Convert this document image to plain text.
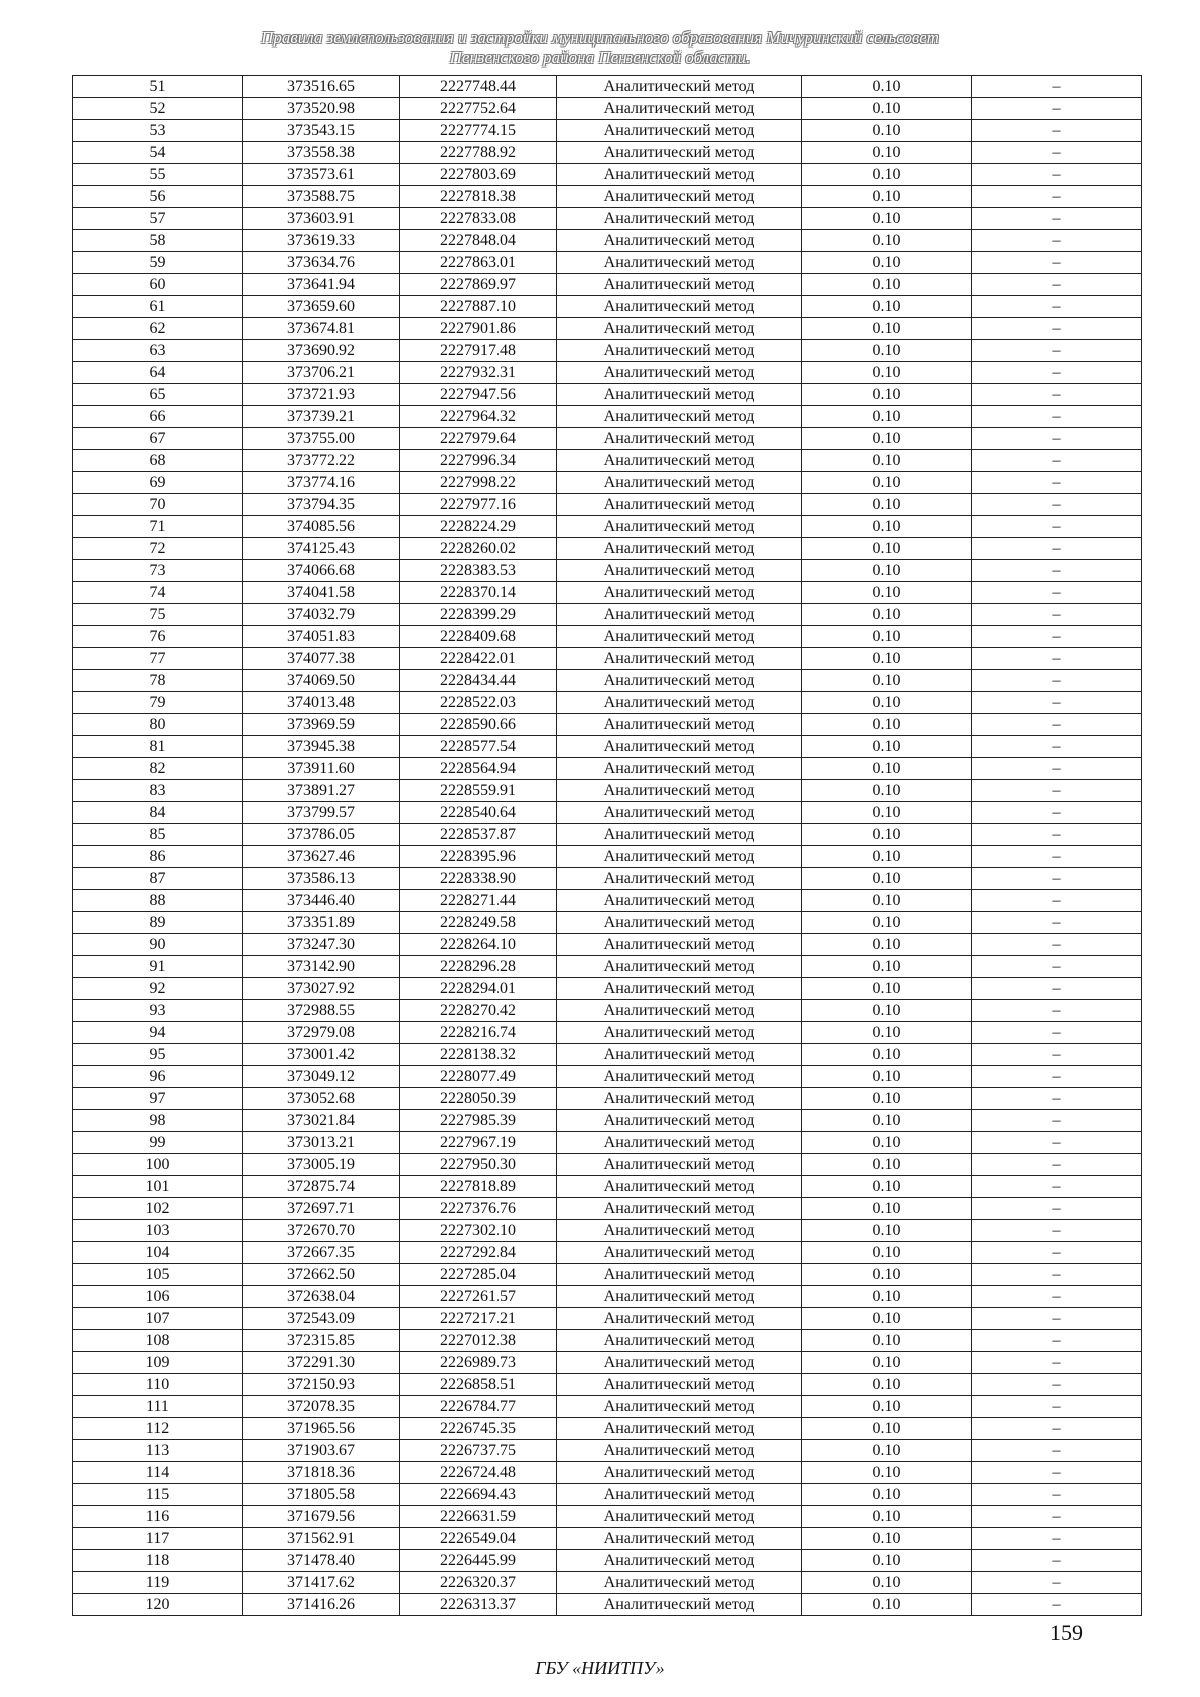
Правила землепользования и застройки муниципального образования Мичуринский сельсовет
Пензенского района Пензенской области.
51	373516.65	2227748.44	Аналитический метод	0.10	–
52	373520.98	2227752.64	Аналитический метод	0.10	–
53	373543.15	2227774.15	Аналитический метод	0.10	–
54	373558.38	2227788.92	Аналитический метод	0.10	–
55	373573.61	2227803.69	Аналитический метод	0.10	–
56	373588.75	2227818.38	Аналитический метод	0.10	–
57	373603.91	2227833.08	Аналитический метод	0.10	–
58	373619.33	2227848.04	Аналитический метод	0.10	–
59	373634.76	2227863.01	Аналитический метод	0.10	–
60	373641.94	2227869.97	Аналитический метод	0.10	–
61	373659.60	2227887.10	Аналитический метод	0.10	–
62	373674.81	2227901.86	Аналитический метод	0.10	–
63	373690.92	2227917.48	Аналитический метод	0.10	–
64	373706.21	2227932.31	Аналитический метод	0.10	–
65	373721.93	2227947.56	Аналитический метод	0.10	–
66	373739.21	2227964.32	Аналитический метод	0.10	–
67	373755.00	2227979.64	Аналитический метод	0.10	–
68	373772.22	2227996.34	Аналитический метод	0.10	–
69	373774.16	2227998.22	Аналитический метод	0.10	–
70	373794.35	2227977.16	Аналитический метод	0.10	–
71	374085.56	2228224.29	Аналитический метод	0.10	–
72	374125.43	2228260.02	Аналитический метод	0.10	–
73	374066.68	2228383.53	Аналитический метод	0.10	–
74	374041.58	2228370.14	Аналитический метод	0.10	–
75	374032.79	2228399.29	Аналитический метод	0.10	–
76	374051.83	2228409.68	Аналитический метод	0.10	–
77	374077.38	2228422.01	Аналитический метод	0.10	–
78	374069.50	2228434.44	Аналитический метод	0.10	–
79	374013.48	2228522.03	Аналитический метод	0.10	–
80	373969.59	2228590.66	Аналитический метод	0.10	–
81	373945.38	2228577.54	Аналитический метод	0.10	–
82	373911.60	2228564.94	Аналитический метод	0.10	–
83	373891.27	2228559.91	Аналитический метод	0.10	–
84	373799.57	2228540.64	Аналитический метод	0.10	–
85	373786.05	2228537.87	Аналитический метод	0.10	–
86	373627.46	2228395.96	Аналитический метод	0.10	–
87	373586.13	2228338.90	Аналитический метод	0.10	–
88	373446.40	2228271.44	Аналитический метод	0.10	–
89	373351.89	2228249.58	Аналитический метод	0.10	–
90	373247.30	2228264.10	Аналитический метод	0.10	–
91	373142.90	2228296.28	Аналитический метод	0.10	–
92	373027.92	2228294.01	Аналитический метод	0.10	–
93	372988.55	2228270.42	Аналитический метод	0.10	–
94	372979.08	2228216.74	Аналитический метод	0.10	–
95	373001.42	2228138.32	Аналитический метод	0.10	–
96	373049.12	2228077.49	Аналитический метод	0.10	–
97	373052.68	2228050.39	Аналитический метод	0.10	–
98	373021.84	2227985.39	Аналитический метод	0.10	–
99	373013.21	2227967.19	Аналитический метод	0.10	–
100	373005.19	2227950.30	Аналитический метод	0.10	–
101	372875.74	2227818.89	Аналитический метод	0.10	–
102	372697.71	2227376.76	Аналитический метод	0.10	–
103	372670.70	2227302.10	Аналитический метод	0.10	–
104	372667.35	2227292.84	Аналитический метод	0.10	–
105	372662.50	2227285.04	Аналитический метод	0.10	–
106	372638.04	2227261.57	Аналитический метод	0.10	–
107	372543.09	2227217.21	Аналитический метод	0.10	–
108	372315.85	2227012.38	Аналитический метод	0.10	–
109	372291.30	2226989.73	Аналитический метод	0.10	–
110	372150.93	2226858.51	Аналитический метод	0.10	–
111	372078.35	2226784.77	Аналитический метод	0.10	–
112	371965.56	2226745.35	Аналитический метод	0.10	–
113	371903.67	2226737.75	Аналитический метод	0.10	–
114	371818.36	2226724.48	Аналитический метод	0.10	–
115	371805.58	2226694.43	Аналитический метод	0.10	–
116	371679.56	2226631.59	Аналитический метод	0.10	–
117	371562.91	2226549.04	Аналитический метод	0.10	–
118	371478.40	2226445.99	Аналитический метод	0.10	–
119	371417.62	2226320.37	Аналитический метод	0.10	–
120	371416.26	2226313.37	Аналитический метод	0.10	–
159
ГБУ «НИИТПУ»
